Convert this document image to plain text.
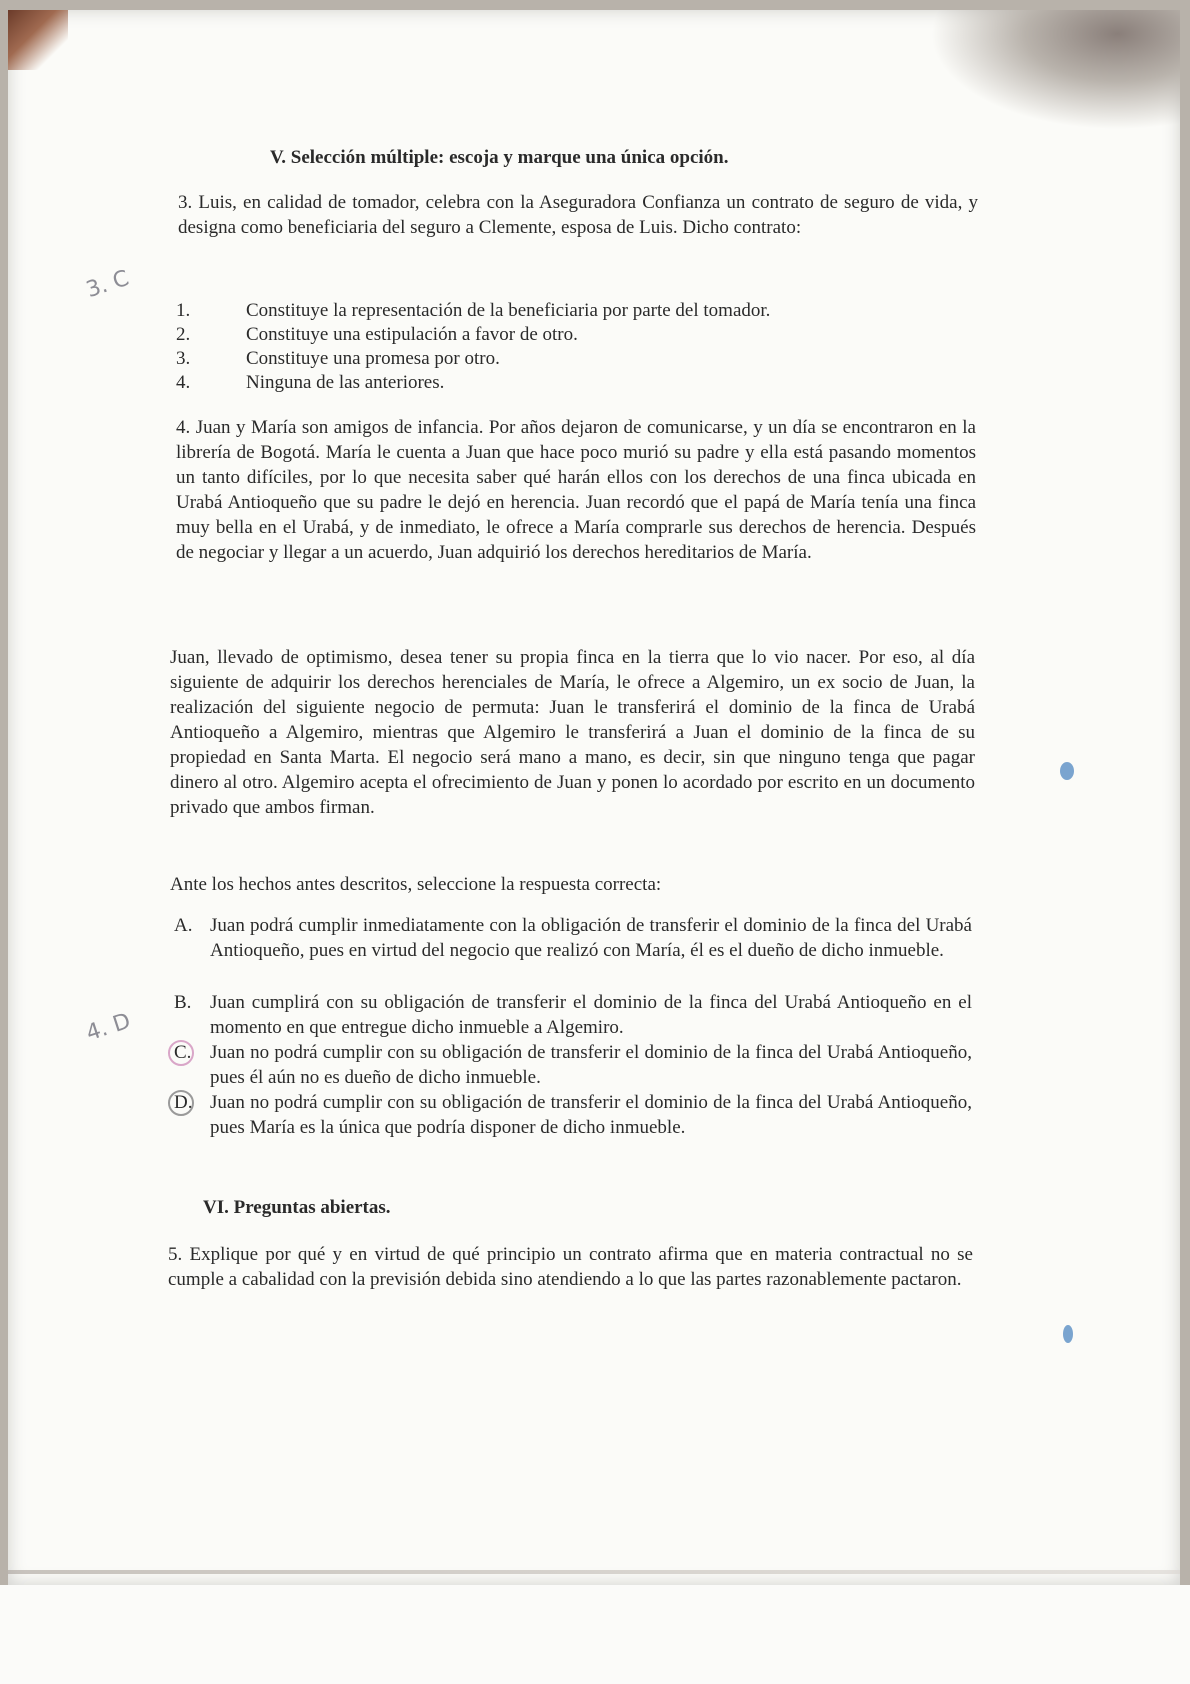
V. Selección múltiple: escoja y marque una única opción.
3. Luis, en calidad de tomador, celebra con la Aseguradora Confianza un contrato de seguro de vida, y designa como beneficiaria del seguro a Clemente, esposa de Luis. Dicho contrato:
3. C
1.	Constituye la representación de la beneficiaria por parte del tomador.
2.	Constituye una estipulación a favor de otro.
3.	Constituye una promesa por otro.
4.	Ninguna de las anteriores.
4. Juan y María son amigos de infancia. Por años dejaron de comunicarse, y un día se encontraron en la librería de Bogotá. María le cuenta a Juan que hace poco murió su padre y ella está pasando momentos un tanto difíciles, por lo que necesita saber qué harán ellos con los derechos de una finca ubicada en Urabá Antioqueño que su padre le dejó en herencia. Juan recordó que el papá de María tenía una finca muy bella en el Urabá, y de inmediato, le ofrece a María comprarle sus derechos de herencia. Después de negociar y llegar a un acuerdo, Juan adquirió los derechos hereditarios de María.
Juan, llevado de optimismo, desea tener su propia finca en la tierra que lo vio nacer. Por eso, al día siguiente de adquirir los derechos herenciales de María, le ofrece a Algemiro, un ex socio de Juan, la realización del siguiente negocio de permuta: Juan le transferirá el dominio de la finca de Urabá Antioqueño a Algemiro, mientras que Algemiro le transferirá a Juan el dominio de la finca de su propiedad en Santa Marta. El negocio será mano a mano, es decir, sin que ninguno tenga que pagar dinero al otro. Algemiro acepta el ofrecimiento de Juan y ponen lo acordado por escrito en un documento privado que ambos firman.
Ante los hechos antes descritos, seleccione la respuesta correcta:
4. D
A. Juan podrá cumplir inmediatamente con la obligación de transferir el dominio de la finca del Urabá Antioqueño, pues en virtud del negocio que realizó con María, él es el dueño de dicho inmueble.
B. Juan cumplirá con su obligación de transferir el dominio de la finca del Urabá Antioqueño en el momento en que entregue dicho inmueble a Algemiro.
C. Juan no podrá cumplir con su obligación de transferir el dominio de la finca del Urabá Antioqueño, pues él aún no es dueño de dicho inmueble.
D. Juan no podrá cumplir con su obligación de transferir el dominio de la finca del Urabá Antioqueño, pues María es la única que podría disponer de dicho inmueble.
VI. Preguntas abiertas.
5. Explique por qué y en virtud de qué principio un contrato afirma que en materia contractual no se cumple a cabalidad con la previsión debida sino atendiendo a lo que las partes razonablemente pactaron.
